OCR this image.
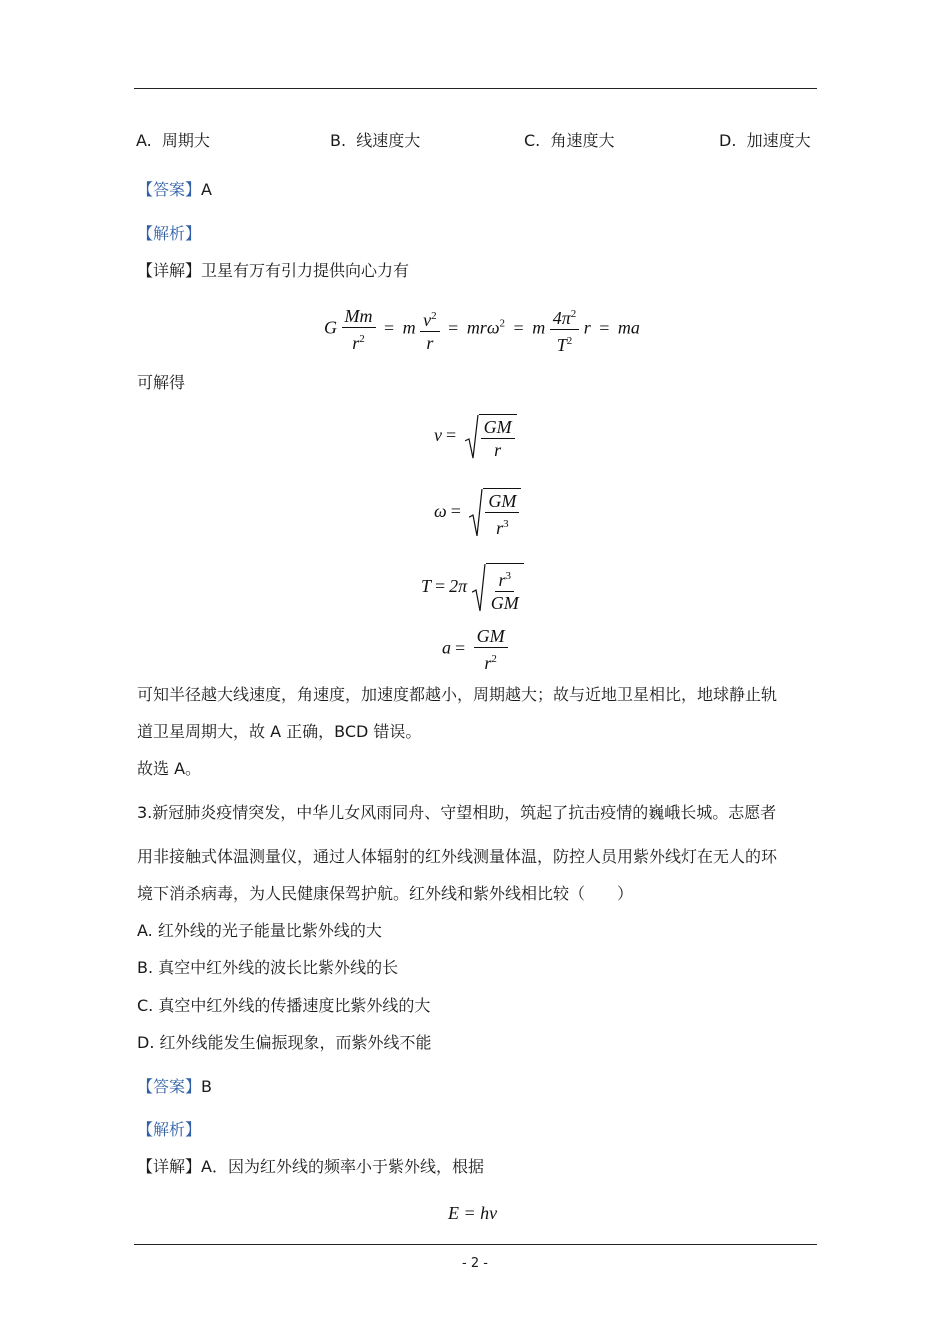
A. 周期大	B. 线速度大	C. 角速度大	D. 加速度大
【答案】A
【解析】
【详解】卫星有万有引力提供向心力有
G $\frac{Mm}{r^2} = m \frac{v^2}{r} = mr\omega^2 = m \frac{4\pi^2}{T^2}$ r = ma
可解得
$v = \frac{GM}{r}$
$\omega = \frac{GM}{r^3}$
$T = 2\pi \frac{r^3}{GM}$
$a = \frac{GM}{r^2}$
可知半径越大线速度，角速度，加速度都越小，周期越大；故与近地卫星相比，地球静止轨
道卫星周期大，故 A 正确，BCD 错误。
故选 A。
3.新冠肺炎疫情突发，中华儿女风雨同舟、守望相助，筑起了抗击疫情的巍峨长城。志愿者
用非接触式体温测量仪，通过人体辐射的红外线测量体温，防控人员用紫外线灯在无人的环
境下消杀病毒，为人民健康保驾护航。红外线和紫外线相比较（　　）
A. 红外线的光子能量比紫外线的大
B. 真空中红外线的波长比紫外线的长
C. 真空中红外线的传播速度比紫外线的大
D. 红外线能发生偏振现象，而紫外线不能
【答案】B
【解析】
【详解】A．因为红外线的频率小于紫外线，根据
E = hν
- 2 -
